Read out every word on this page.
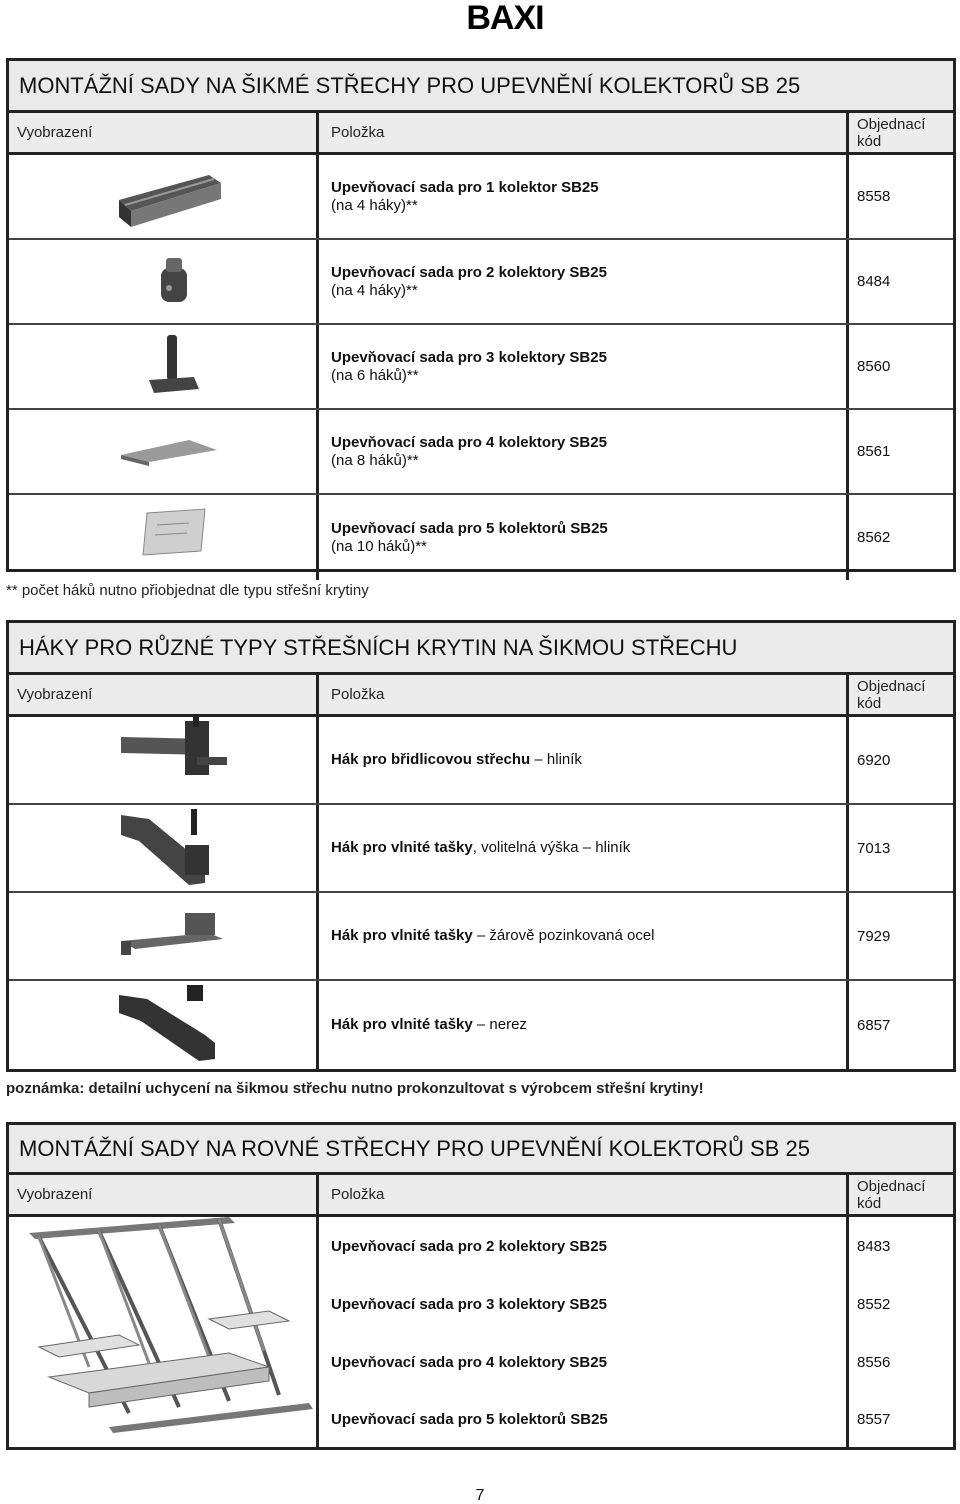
BAXI
MONTÁŽNÍ SADY NA ŠIKMÉ STŘECHY PRO UPEVNĚNÍ KOLEKTORŮ SB 25
Vyobrazení	Položka	Objednací
kód
Upevňovací sada pro 1 kolektor SB25
(na 4 háky)**	8558
Upevňovací sada pro 2 kolektory SB25
(na 4 háky)**	8484
Upevňovací sada pro 3 kolektory SB25
(na 6 háků)**	8560
Upevňovací sada pro 4 kolektory SB25
(na 8 háků)**	8561
Upevňovací sada pro 5 kolektorů SB25
(na 10 háků)**	8562
** počet háků nutno přiobjednat dle typu střešní krytiny
HÁKY PRO RŮZNÉ TYPY STŘEŠNÍCH KRYTIN NA ŠIKMOU STŘECHU
Vyobrazení	Položka	Objednací
kód
Hák pro břidlicovou střechu – hliník	6920
Hák pro vlnité tašky, volitelná výška – hliník	7013
Hák pro vlnité tašky – žárově pozinkovaná ocel	7929
Hák pro vlnité tašky – nerez	6857
poznámka: detailní uchycení na šikmou střechu nutno prokonzultovat s výrobcem střešní krytiny!
MONTÁŽNÍ SADY NA ROVNÉ STŘECHY PRO UPEVNĚNÍ KOLEKTORŮ SB 25
Vyobrazení	Položka	Objednací
kód
Upevňovací sada pro 2 kolektory SB25	8483
Upevňovací sada pro 3 kolektory SB25	8552
Upevňovací sada pro 4 kolektory SB25	8556
Upevňovací sada pro 5 kolektorů SB25	8557
7
